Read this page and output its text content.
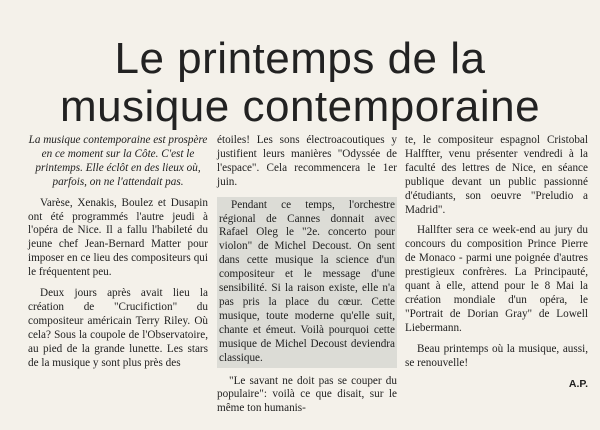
Le printemps de la
musique contemporaine

La musique contemporaine est prospère en ce moment sur la Côte. C'est le printemps. Elle éclôt en des lieux où, parfois, on ne l'attendait pas.

Varèse, Xenakis, Boulez et Dusapin ont été programmés l'autre jeudi à l'opéra de Nice. Il a fallu l'habileté du jeune chef Jean-Bernard Matter pour imposer en ce lieu des compositeurs qui le fréquentent peu.

Deux jours après avait lieu la création de "Crucifiction" du compositeur américain Terry Riley. Où cela? Sous la coupole de l'Observatoire, au pied de la grande lunette. Les stars de la musique y sont plus près des

étoiles! Les sons électroacoutiques y justifient leurs manières "Odyssée de l'espace". Cela recommencera le 1er juin.

Pendant ce temps, l'orchestre régional de Cannes donnait avec Rafael Oleg le "2e. concerto pour violon" de Michel Decoust. On sent dans cette musique la science d'un compositeur et le message d'une sensibilité. Si la raison existe, elle n'a pas pris la place du cœur. Cette musique, toute moderne qu'elle suit, chante et émeut. Voilà pourquoi cette musique de Michel Decoust deviendra classique.

"Le savant ne doit pas se couper du populaire": voilà ce que disait, sur le même ton humanis-

te, le compositeur espagnol Cristobal Halffter, venu présenter vendredi à la faculté des lettres de Nice, en séance publique devant un public passionné d'étudiants, son oeuvre "Preludio a Madrid".

Hallfter sera ce week-end au jury du concours du composition Prince Pierre de Monaco - parmi une poignée d'autres prestigieux confrères. La Principauté, quant à elle, attend pour le 8 Mai la création mondiale d'un opéra, le "Portrait de Dorian Gray" de Lowell Liebermann.

Beau printemps où la musique, aussi, se renouvelle!

A.P.
